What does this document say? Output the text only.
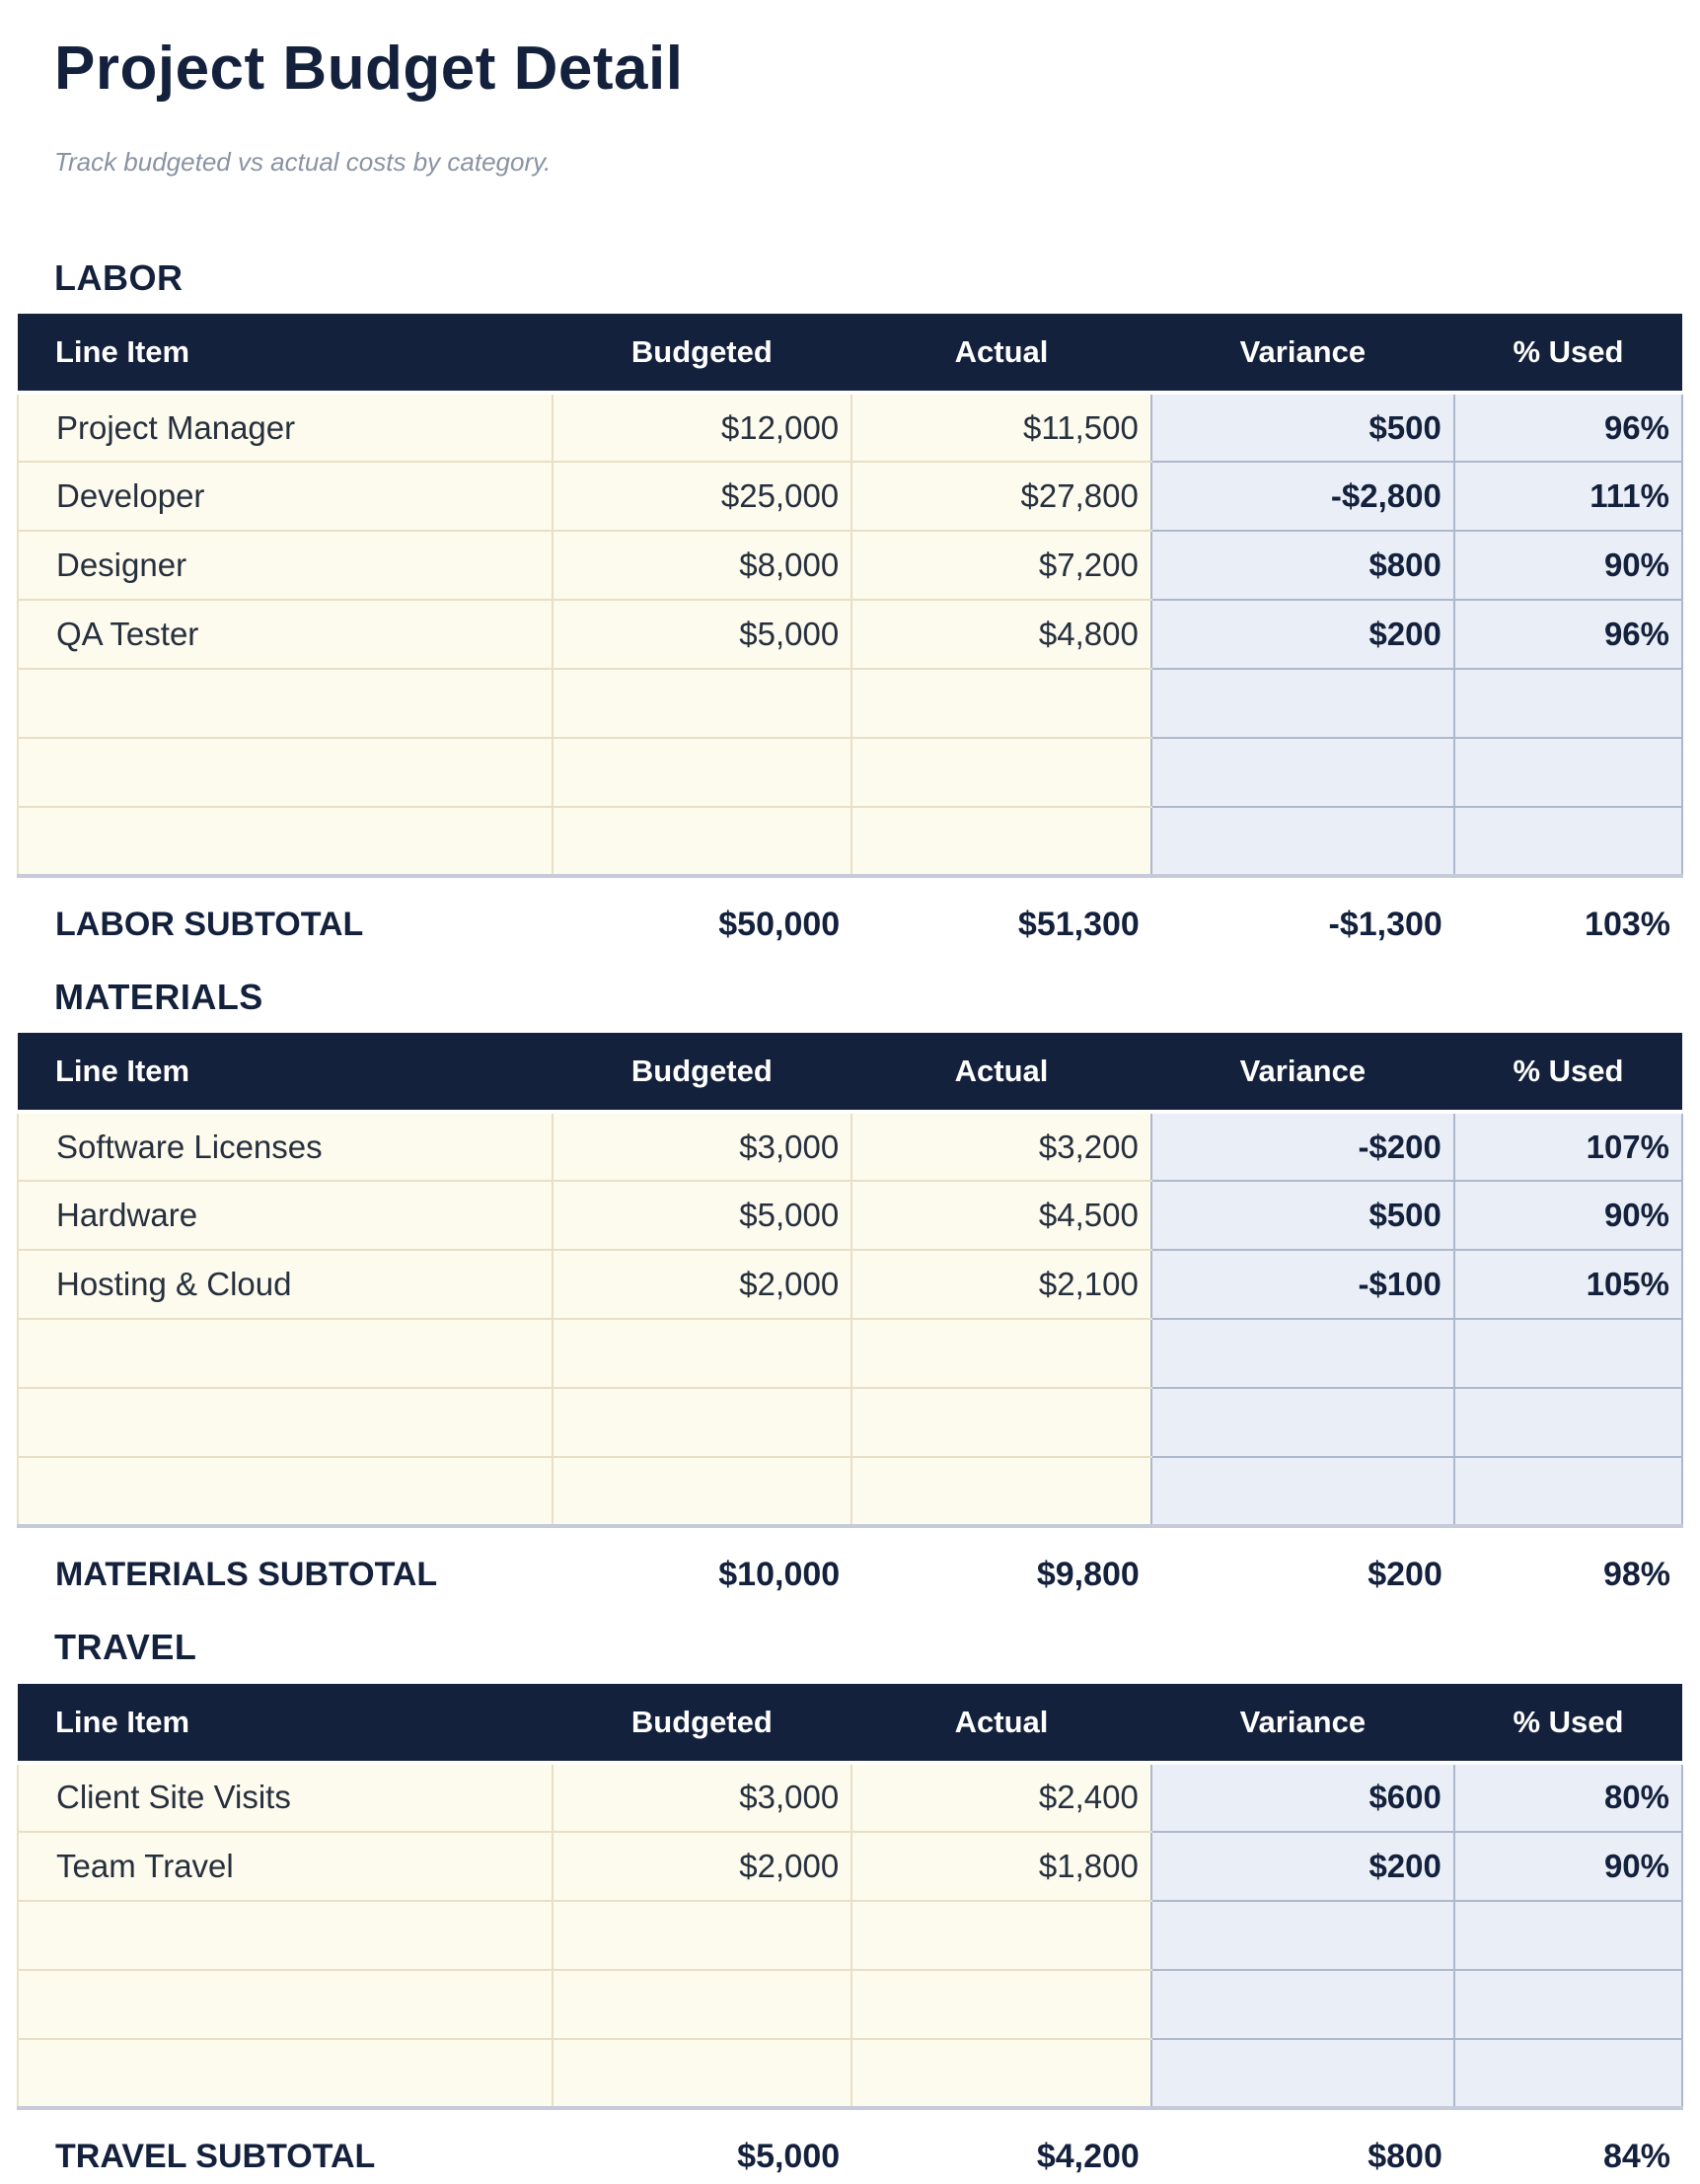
Project Budget Detail

Track budgeted vs actual costs by category.

LABOR
Line Item	Budgeted	Actual	Variance	% Used
Project Manager	$12,000	$11,500	$500	96%
Developer	$25,000	$27,800	-$2,800	111%
Designer	$8,000	$7,200	$800	90%
QA Tester	$5,000	$4,800	$200	96%

LABOR SUBTOTAL	$50,000	$51,300	-$1,300	103%
MATERIALS
Line Item	Budgeted	Actual	Variance	% Used
Software Licenses	$3,000	$3,200	-$200	107%
Hardware	$5,000	$4,500	$500	90%
Hosting & Cloud	$2,000	$2,100	-$100	105%

MATERIALS SUBTOTAL	$10,000	$9,800	$200	98%
TRAVEL
Line Item	Budgeted	Actual	Variance	% Used
Client Site Visits	$3,000	$2,400	$600	80%
Team Travel	$2,000	$1,800	$200	90%

TRAVEL SUBTOTAL	$5,000	$4,200	$800	84%
